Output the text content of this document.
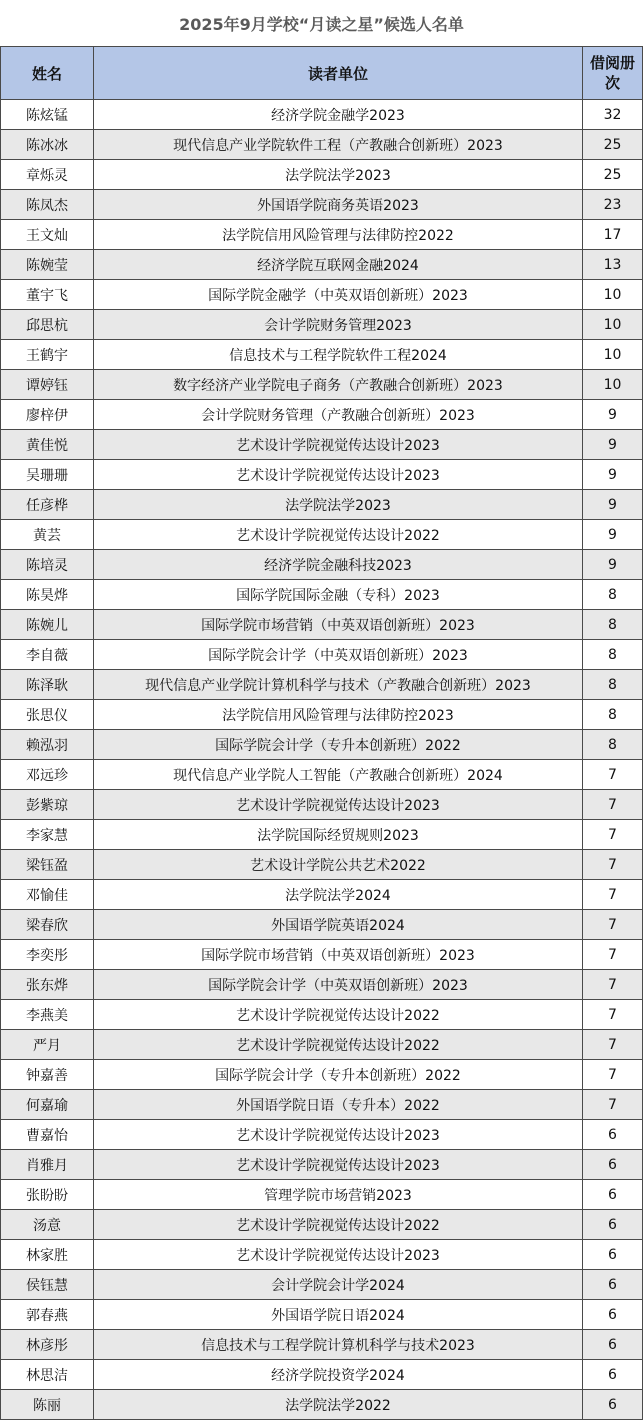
2025年9月学校“月读之星”候选人名单
姓名	读者单位	借阅册次
陈炫锰	经济学院金融学2023	32
陈冰冰	现代信息产业学院软件工程（产教融合创新班）2023	25
章烁灵	法学院法学2023	25
陈凤杰	外国语学院商务英语2023	23
王文灿	法学院信用风险管理与法律防控2022	17
陈婉莹	经济学院互联网金融2024	13
董宇飞	国际学院金融学（中英双语创新班）2023	10
邱思杭	会计学院财务管理2023	10
王鹤宇	信息技术与工程学院软件工程2024	10
谭婷钰	数字经济产业学院电子商务（产教融合创新班）2023	10
廖梓伊	会计学院财务管理（产教融合创新班）2023	9
黄佳悦	艺术设计学院视觉传达设计2023	9
吴珊珊	艺术设计学院视觉传达设计2023	9
任彦桦	法学院法学2023	9
黄芸	艺术设计学院视觉传达设计2022	9
陈培灵	经济学院金融科技2023	9
陈昊烨	国际学院国际金融（专科）2023	8
陈婉儿	国际学院市场营销（中英双语创新班）2023	8
李自薇	国际学院会计学（中英双语创新班）2023	8
陈泽耿	现代信息产业学院计算机科学与技术（产教融合创新班）2023	8
张思仪	法学院信用风险管理与法律防控2023	8
赖泓羽	国际学院会计学（专升本创新班）2022	8
邓远珍	现代信息产业学院人工智能（产教融合创新班）2024	7
彭紫琼	艺术设计学院视觉传达设计2023	7
李家慧	法学院国际经贸规则2023	7
梁钰盈	艺术设计学院公共艺术2022	7
邓愉佳	法学院法学2024	7
梁春欣	外国语学院英语2024	7
李奕彤	国际学院市场营销（中英双语创新班）2023	7
张东烨	国际学院会计学（中英双语创新班）2023	7
李燕美	艺术设计学院视觉传达设计2022	7
严月	艺术设计学院视觉传达设计2022	7
钟嘉善	国际学院会计学（专升本创新班）2022	7
何嘉瑜	外国语学院日语（专升本）2022	7
曹嘉怡	艺术设计学院视觉传达设计2023	6
肖雅月	艺术设计学院视觉传达设计2023	6
张盼盼	管理学院市场营销2023	6
汤意	艺术设计学院视觉传达设计2022	6
林家胜	艺术设计学院视觉传达设计2023	6
侯钰慧	会计学院会计学2024	6
郭春燕	外国语学院日语2024	6
林彦彤	信息技术与工程学院计算机科学与技术2023	6
林思洁	经济学院投资学2024	6
陈丽	法学院法学2022	6
